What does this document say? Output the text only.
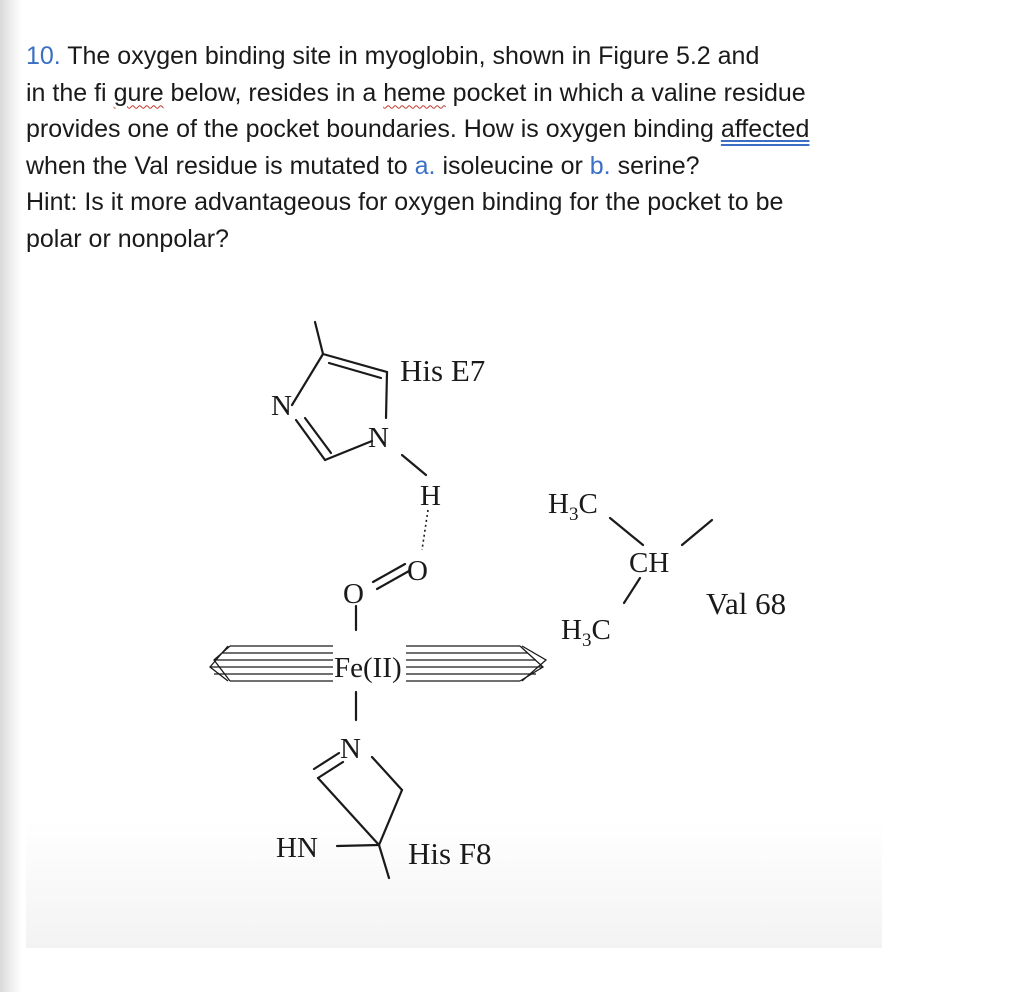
10. The oxygen binding site in myoglobin, shown in Figure 5.2 and
in the fi gure below, resides in a heme pocket in which a valine residue
provides one of the pocket boundaries. How is oxygen binding affected
when the Val residue is mutated to a. isoleucine or b. serine?
Hint: Is it more advantageous for oxygen binding for the pocket to be
polar or nonpolar?
His E7
N
N
H
O
O
Fe(II)
N
HN	His F8
$H_3C$
CH
$H_3C$
Val 68
